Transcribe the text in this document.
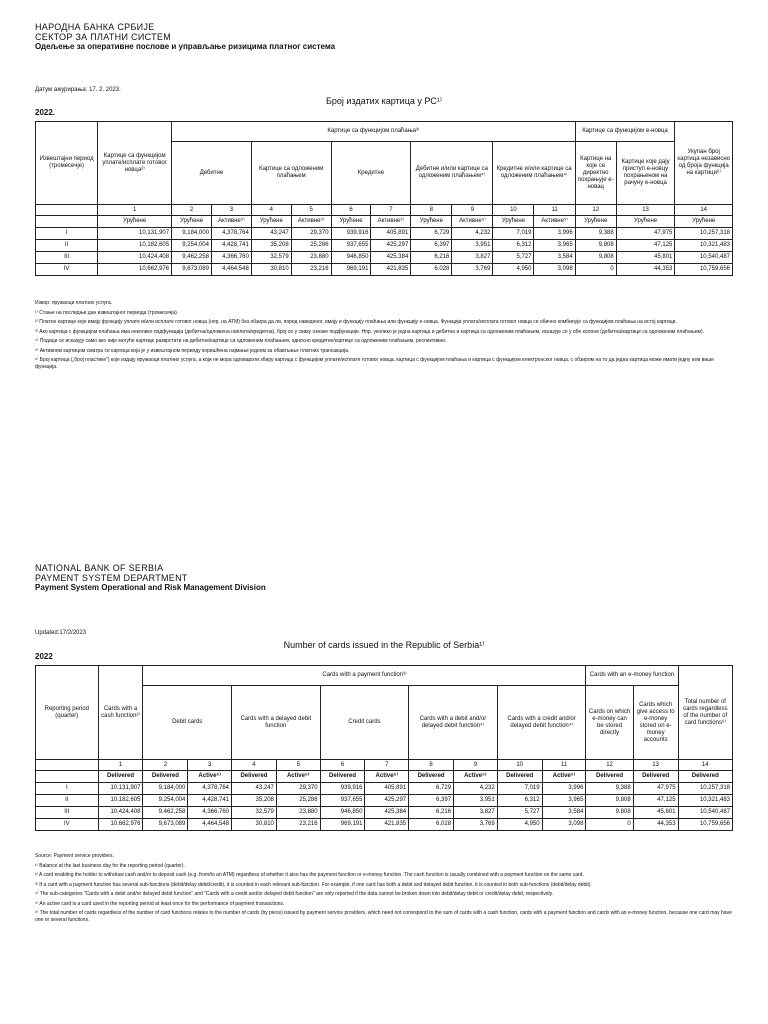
НАРОДНА БАНКА СРБИЈЕ
СЕКТОР ЗА ПЛАТНИ СИСТЕМ
Одељење за оперативне послове и управљање ризицима платног система
Датум ажурирања: 17. 2. 2023.
Број издатих картица у РС¹⁾
2022.
Извештајни период (тромесечје)	Картице са функцијом уплате/исплате готовог новца²⁾	Картице са функцијом плаћања³⁾										Картице са функцијом е-новца		Укупан број картица независно од броја функција на картици⁶⁾
		Дебитне		Картице са одложеним плаћањем		Кредитне		Дебитне и/или картице са одложеним плаћањем⁴⁾		Кредитне и/или картице са одложеним плаћањем⁴⁾		Картице на које се директно похрањује е-новац	Картице које дају приступ е-новцу похрањеном на рачуну е-новца	
	1	2	3	4	5	6	7	8	9	10	11	12	13	14
	Урућене	Урућене	Активне⁵⁾	Урућене	Активне⁵⁾	Урућене	Активне⁵⁾	Урућене	Активне⁵⁾	Урућене	Активне⁵⁾	Урућене	Урућене	Урућене
I	10,131,907	9,184,000	4,378,764	43,247	29,370	939,916	405,891	6,729	4,232	7,019	3,996	9,388	47,975	10,257,318
II	10,182,605	9,254,004	4,428,741	35,208	25,286	937,655	425,297	6,397	3,951	6,312	3,965	9,808	47,125	10,321,483
III	10,424,408	9,462,258	4,366,760	32,579	23,880	946,850	425,384	6,216	3,827	5,727	3,584	9,808	45,801	10,540,487
IV	10,662,976	9,673,089	4,464,548	30,810	23,216	969,191	421,835	6,028	3,769	4,950	3,098	0	44,353	10,759,656

Извор: пружаоци платних услуга.

¹⁾ Стање на последњи дан извештајног периода (тромесечја).

²⁾ Платне картице које имају функцију уплате и/или исплате готовог новца (нпр. на АТМ) без обзира да ли, поред наведеног, имају и функцију плаћања или функцију е-новца. Функција уплата/исплата готовог новца се обично комбинује са функцијом плаћања на истој картици.

³⁾ Ако картица с функцијом плаћања има неколико подфункција (дебитна/одложена наплата/кредитна), број се у сваку ознаке подфункције. Нпр. уколико је једна картица и дебитна и картица са одложеним плаћањем, исказује се у обе колоне (дебитна/картице са одложеним плаћањем).

⁴⁾ Подаци се исказују само ако није могуће картице разврстати на дебитне/картице са одложеним плаћањем, односно кредитне/картице са одложеним плаћањем, респективно.

⁵⁾ Активном картицом сматра се картица која је у извештајном периоду коришћена најмање једном за обављање платних трансакција.

⁶⁾ Број картица („број пластике“) које издају пружаоци платних услуга, а који не мора одговарати збиру картица с функцијом уплате/исплате готовог новца, картица с функцијом плаћања и картица с функцијом електронског новца, с обзиром на то да једна картица може имати једну или више функција.

NATIONAL BANK OF SERBIA
PAYMENT SYSTEM DEPARTMENT
Payment System Operational and Risk Management Division
Updated:17/2/2023
Number of cards issued in the Republic of Serbia¹⁾
2022
Reporting period (quarter)	Cards with a cash function²⁾	Cards with a payment function³⁾										Cards with an e-money function		Total number of cards regardless of the number of card functions⁶⁾
		Debit cards		Cards with a delayed debit function		Credit cards		Cards with a debit and/or delayed debit function⁴⁾		Cards with a credit and/or delayed debit function⁴⁾		Cards on which e-money can be stored directly	Cards which give access to e-money stored on e-money accounts	
	1	2	3	4	5	6	7	8	9	10	11	12	13	14
	Delivered	Delivered	Active⁵⁾	Delivered	Active⁵⁾	Delivered	Active⁵⁾	Delivered	Active⁵⁾	Delivered	Active⁵⁾	Delivered	Delivered	Delivered
I	10,131,907	9,184,000	4,378,764	43,247	29,370	939,916	405,891	6,729	4,232	7,019	3,996	9,388	47,975	10,257,318
II	10,182,605	9,254,004	4,428,741	35,208	25,286	937,655	425,297	6,397	3,951	6,312	3,965	9,808	47,125	10,321,483
III	10,424,408	9,462,258	4,366,760	32,579	23,880	946,850	425,384	6,216	3,827	5,727	3,584	9,808	45,801	10,540,487
IV	10,662,976	9,673,089	4,464,548	30,810	23,216	969,191	421,835	6,028	3,769	4,950	3,098	0	44,353	10,759,656

Source: Payment service providers.

¹⁾ Balance at the last business day for the reporting period (quarter).

²⁾ A card enabling the holder to withdraw cash and/or to deposit cash (e.g. from/to an ATM) regardless of whether it also has the payment function or e-money function. The cash function is usually combined with a payment function on the same card.

³⁾ If a card with a payment function has several sub-functions (debit/delay debit/credit), it is counted in each relevant sub-function. For example, if one card has both a debit and delayed debit function, it is counted in both sub-functions (debit/delay debit).

⁴⁾ The sub-categories "Cards with a debit and/or delayed debit function" and "Cards with a credit and/or delayed debit function" are only reported if the data cannot be broken down into debit/delay debit or credit/delay debit, respectively.

⁵⁾ An active card is a card used in the reporting period at least once for the performance of payment transactions.

⁶⁾ The total number of cards regardless of the number of card functions relates to the number of cards (by piece) issued by payment service providers, which need not correspond to the sum of cards with a cash function, cards with a payment function and cards with an e-money function, because one card may have one or several functions.
